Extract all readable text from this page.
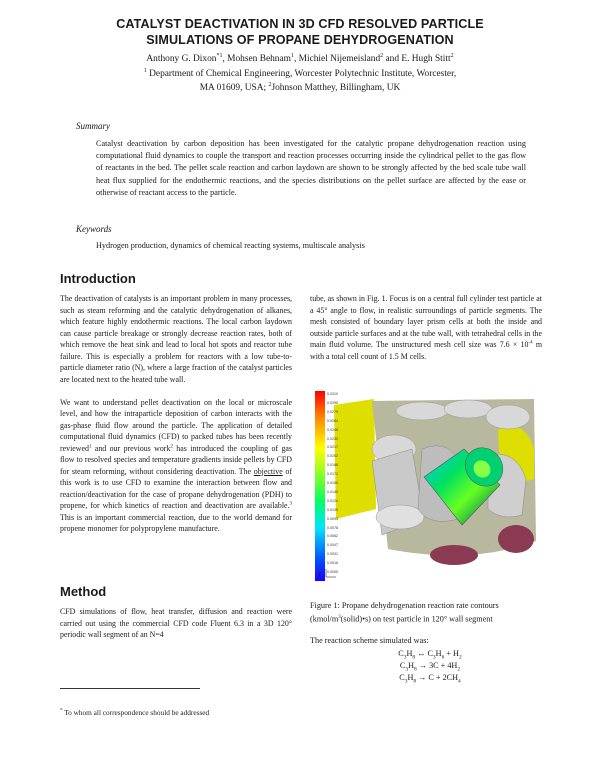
CATALYST DEACTIVATION IN 3D CFD RESOLVED PARTICLE
SIMULATIONS OF PROPANE DEHYDROGENATION
Anthony G. Dixon$^{*1}$, Mohsen Behnam$^1$, Michiel Nijemeisland$^2$ and E. Hugh Stitt$^2$
$^1$ Department of Chemical Engineering, Worcester Polytechnic Institute, Worcester,
MA 01609, USA; $^2$Johnson Matthey, Billingham, UK
Summary
Catalyst deactivation by carbon deposition has been investigated for the catalytic propane dehydrogenation reaction using computational fluid dynamics to couple the transport and reaction processes occurring inside the cylindrical pellet to the gas flow of reactants in the bed. The pellet scale reaction and carbon laydown are shown to be strongly affected by the bed scale tube wall heat flux supplied for the endothermic reactions, and the species distributions on the pellet surface are affected by the ease or otherwise of reactant access to the particle.
Keywords
Hydrogen production, dynamics of chemical reacting systems, multiscale analysis
Introduction

The deactivation of catalysts is an important problem in many processes, such as steam reforming and the catalytic dehydrogenation of alkanes, which feature highly endothermic reactions. The local carbon laydown can cause particle breakage or strongly decrease reaction rates, both of which remove the heat sink and lead to local hot spots and reactor tube failure. This is especially a problem for reactors with a low tube-to-particle diameter ratio (N), where a large fraction of the catalyst particles are located next to the heated tube wall.

We want to understand pellet deactivation on the local or microscale level, and how the intraparticle deposition of carbon interacts with the gas-phase fluid flow around the particle. The application of detailed computational fluid dynamics (CFD) to packed tubes has been recently reviewed$^1$ and our previous work$^2$ has introduced the coupling of gas flow to resolved species and temperature gradients inside pellets by CFD for steam reforming, without considering deactivation. The objective of this work is to use CFD to examine the interaction between flow and reaction/deactivation for the case of propane dehydrogenation (PDH) to propene, for which kinetics of reaction and deactivation are available.$^3$ This is an important commercial reaction, due to the world demand for propene monomer for polypropylene manufacture.

Method
CFD simulations of flow, heat transfer, diffusion and reaction were carried out using the commercial CFD code Fluent 6.3 in a 3D 120° periodic wall segment of an N=4
tube, as shown in Fig. 1. Focus is on a central full cylinder test particle at a 45° angle to flow, in realistic surroundings of particle segments. The mesh consisted of boundary layer prism cells at both the inside and outside particle surfaces and at the tube wall, with tetrahedral cells in the main fluid volume. The unstructured mesh cell size was $7.6 \times 10^{-4}$ m with a total cell count of 1.5 M cells.
Y
Figure 1: Propane dehydrogenation reaction rate contours $(kmol/m^3(solid)•s)$ on test particle in 120° wall segment
The reaction scheme simulated was:
$C_3H_8$ ↔ $C_3H_6 + H_2$
$C_3H_8 \to 3C + 4H_2$
$C_3H_8 \to C + 2CH_4$
* To whom all correspondence should be addressed
0.0310
0.0295
0.0279
0.0264
0.0248
0.0233
0.0217
0.0202
0.0186
0.0171
0.0155
0.0140
0.0124
0.0109
0.0093
0.0078
0.0062
0.0047
0.0031
0.0016
0.0000
